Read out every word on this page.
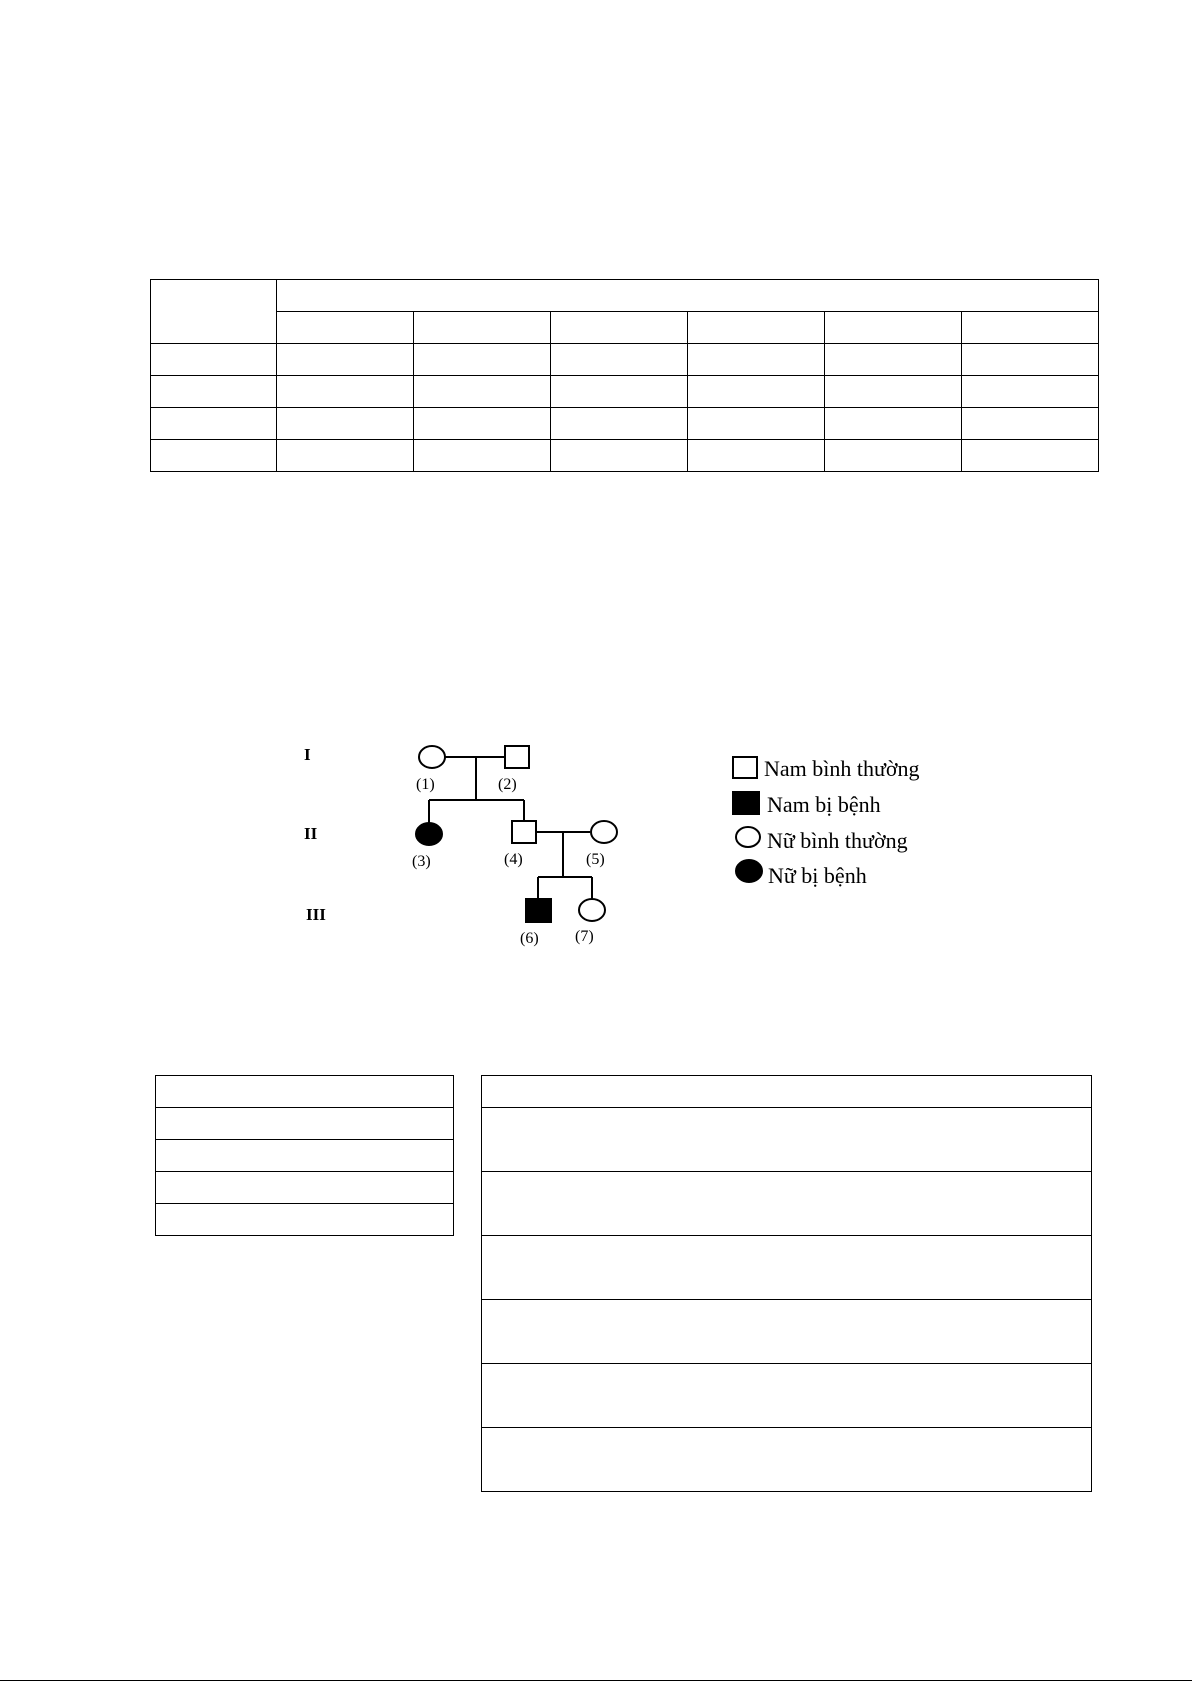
I
II
III
(1)	(2)
(3)	(4)	(5)
(6) (7)
Nam bình thường
Nam bị bệnh
Nữ bình thường
Nữ bị bệnh
